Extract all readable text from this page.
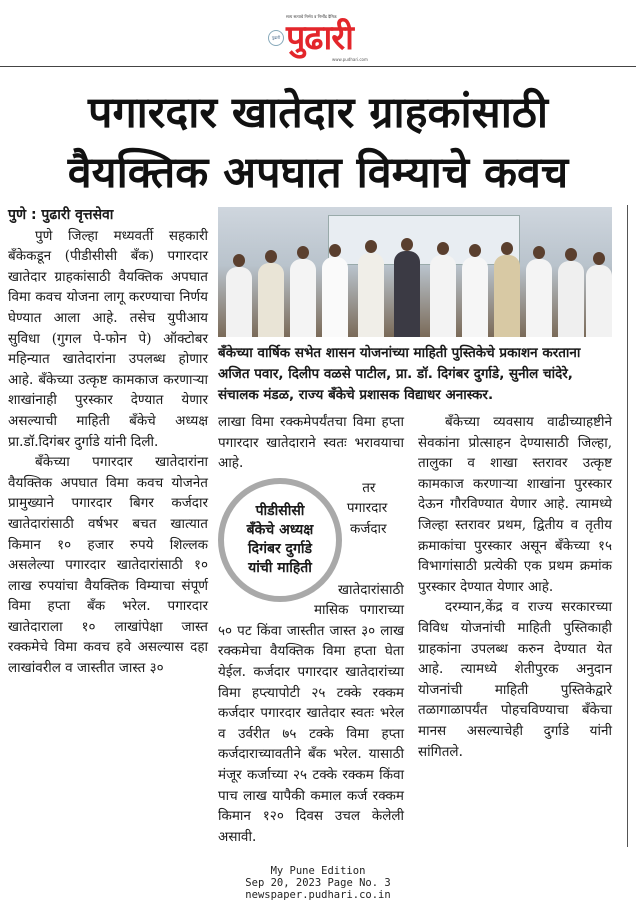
सत्य सत्याचे निर्भय व निर्भीड दैनिक
पुढारी पुढारी
www.pudhari.com
पगारदार खातेदार ग्राहकांसाठी
वैयक्तिक अपघात विम्याचे कवच

पुणे : पुढारी वृत्तसेवा

पुणे जिल्हा मध्यवर्ती सहकारी बँकेकडून (पीडीसीसी बँक) पगारदार खातेदार ग्राहकांसाठी वैयक्तिक अपघात विमा कवच योजना लागू करण्याचा निर्णय घेण्यात आला आहे. तसेच युपीआय सुविधा (गुगल पे-फोन पे) ऑक्टोबर महिन्यात खातेदारांना उपलब्ध होणार आहे. बँकेच्या उत्कृष्ट कामकाज करणाऱ्या शाखांनाही पुरस्कार देण्यात येणार असल्याची माहिती बँकेचे अध्यक्ष प्रा.डॉ.दिगंबर दुर्गाडे यांनी दिली.

बँकेच्या पगारदार खातेदारांना वैयक्तिक अपघात विमा कवच योजनेत प्रामुख्याने पगारदार बिगर कर्जदार खातेदारांसाठी वर्षभर बचत खात्यात किमान १० हजार रुपये शिल्लक असलेल्या पगारदार खातेदारांसाठी १० लाख रुपयांचा वैयक्तिक विम्याचा संपूर्ण विमा हप्ता बँक भरेल. पगारदार खातेदाराला १० लाखांपेक्षा जास्त रक्कमेचे विमा कवच हवे असल्यास दहा लाखांवरील व जास्तीत जास्त ३०

बँकेच्या वार्षिक सभेत शासन योजनांच्या माहिती पुस्तिकेचे प्रकाशन करताना अजित पवार, दिलीप वळसे पाटील, प्रा. डॉ. दिगंबर दुर्गाडे, सुनील चांदेरे, संचालक मंडळ, राज्य बँकेचे प्रशासक विद्याधर अनास्कर.

लाखा विमा रक्कमेपर्यंतचा विमा हप्ता पगारदार खातेदाराने स्वतः भरावयाचा आहे.

पीडीसीसी
बँकेचे अध्यक्ष
दिगंबर दुर्गाडे
यांची माहिती

तर पगारदार कर्जदार खातेदारांसाठी मासिक पगाराच्या ५० पट किंवा जास्तीत जास्त ३० लाख रक्कमेचा वैयक्तिक विमा हप्ता घेता येईल. कर्जदार पगारदार खातेदारांच्या विमा हप्त्यापोटी २५ टक्के रक्कम कर्जदार पगारदार खातेदार स्वतः भरेल व उर्वरीत ७५ टक्के विमा हप्ता कर्जदाराच्यावतीने बँक भरेल. यासाठी मंजूर कर्जाच्या २५ टक्के रक्कम किंवा पाच लाख यापैकी कमाल कर्ज रक्कम किमान १२० दिवस उचल केलेली असावी.

बँकेच्या व्यवसाय वाढीच्याहष्टीने सेवकांना प्रोत्साहन देण्यासाठी जिल्हा, तालुका व शाखा स्तरावर उत्कृष्ट कामकाज करणाऱ्या शाखांना पुरस्कार देऊन गौरविण्यात येणार आहे. त्यामध्ये जिल्हा स्तरावर प्रथम, द्वितीय व तृतीय क्रमाकांचा पुरस्कार असून बँकेच्या १५ विभागांसाठी प्रत्येकी एक प्रथम क्रमांक पुरस्कार देण्यात येणार आहे.

दरम्यान,केंद्र व राज्य सरकारच्या विविध योजनांची माहिती पुस्तिकाही ग्राहकांना उपलब्ध करुन देण्यात येत आहे. त्यामध्ये शेतीपुरक अनुदान योजनांची माहिती पुस्तिकेद्वारे तळागाळापर्यंत पोहचविण्याचा बँकेचा मानस असल्याचेही दुर्गाडे यांनी सांगितले.

My Pune Edition
Sep 20, 2023 Page No. 3
newspaper.pudhari.co.in
